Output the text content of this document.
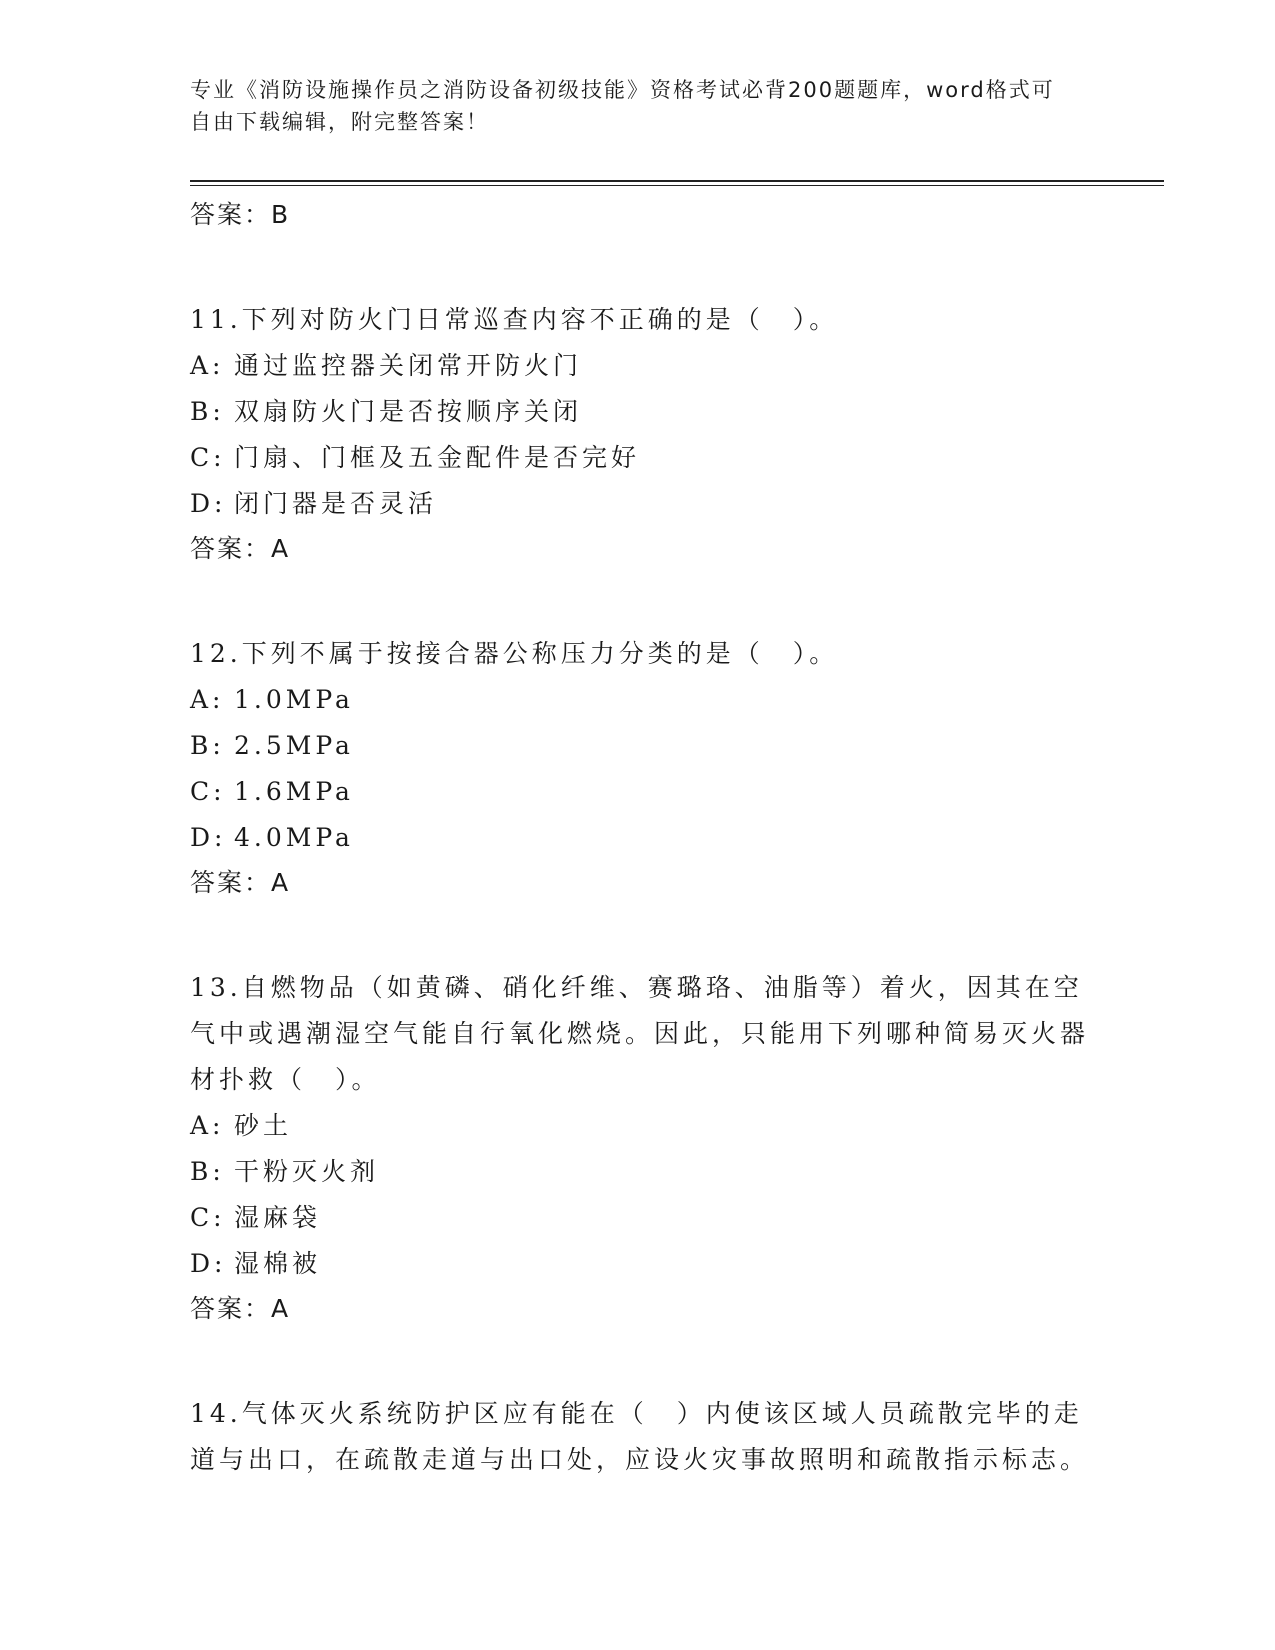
专业《消防设施操作员之消防设备初级技能》资格考试必背200题题库，word格式可自由下载编辑，附完整答案！

答案：B

11.下列对防火门日常巡查内容不正确的是（　）。

A: 通过监控器关闭常开防火门

B: 双扇防火门是否按顺序关闭

C: 门扇、门框及五金配件是否完好

D: 闭门器是否灵活

答案：A

12.下列不属于按接合器公称压力分类的是（　）。

A: 1.0MPa

B: 2.5MPa

C: 1.6MPa

D: 4.0MPa

答案：A

13.自燃物品（如黄磷、硝化纤维、赛璐珞、油脂等）着火，因其在空气中或遇潮湿空气能自行氧化燃烧。因此，只能用下列哪种简易灭火器材扑救（　）。

A: 砂土

B: 干粉灭火剂

C: 湿麻袋

D: 湿棉被

答案：A

14.气体灭火系统防护区应有能在（　）内使该区域人员疏散完毕的走道与出口，在疏散走道与出口处，应设火灾事故照明和疏散指示标志。
